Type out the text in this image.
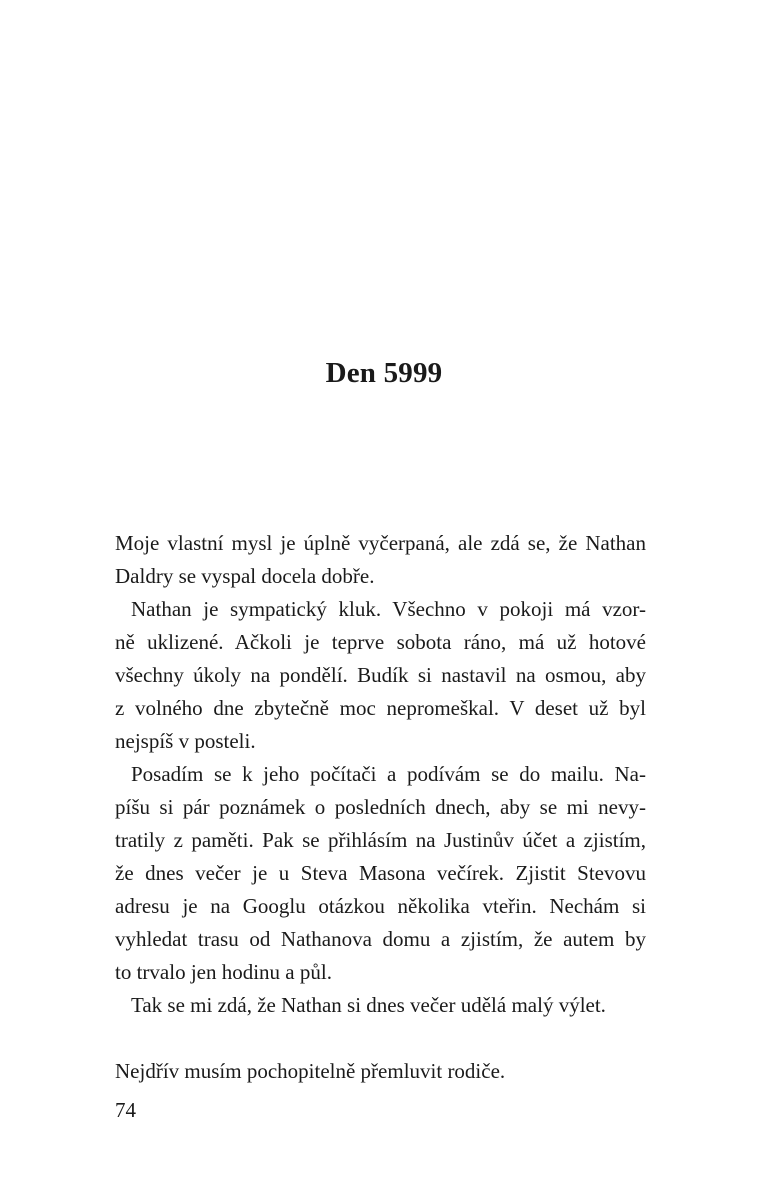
Den 5999
Moje vlastní mysl je úplně vyčerpaná, ale zdá se, že Nathan
Daldry se vyspal docela dobře.
Nathan je sympatický kluk. Všechno v pokoji má vzor-
ně uklizené. Ačkoli je teprve sobota ráno, má už hotové
všechny úkoly na pondělí. Budík si nastavil na osmou, aby
z volného dne zbytečně moc nepromeškal. V deset už byl
nejspíš v posteli.
Posadím se k jeho počítači a podívám se do mailu. Na-
píšu si pár poznámek o posledních dnech, aby se mi nevy-
tratily z paměti. Pak se přihlásím na Justinův účet a zjistím,
že dnes večer je u Steva Masona večírek. Zjistit Stevovu
adresu je na Googlu otázkou několika vteřin. Nechám si
vyhledat trasu od Nathanova domu a zjistím, že autem by
to trvalo jen hodinu a půl.
Tak se mi zdá, že Nathan si dnes večer udělá malý výlet.
Nejdřív musím pochopitelně přemluvit rodiče.
74
